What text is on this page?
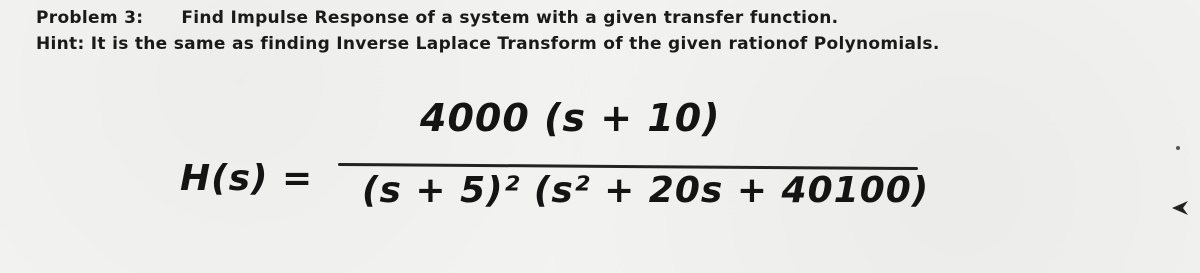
Problem 3: Find Impulse Response of a system with a given transfer function.
Hint: It is the same as finding Inverse Laplace Transform of the given rationof Polynomials.
H(s) =
4000 (s + 10)
(s + 5)² (s² + 20s + 40100)
